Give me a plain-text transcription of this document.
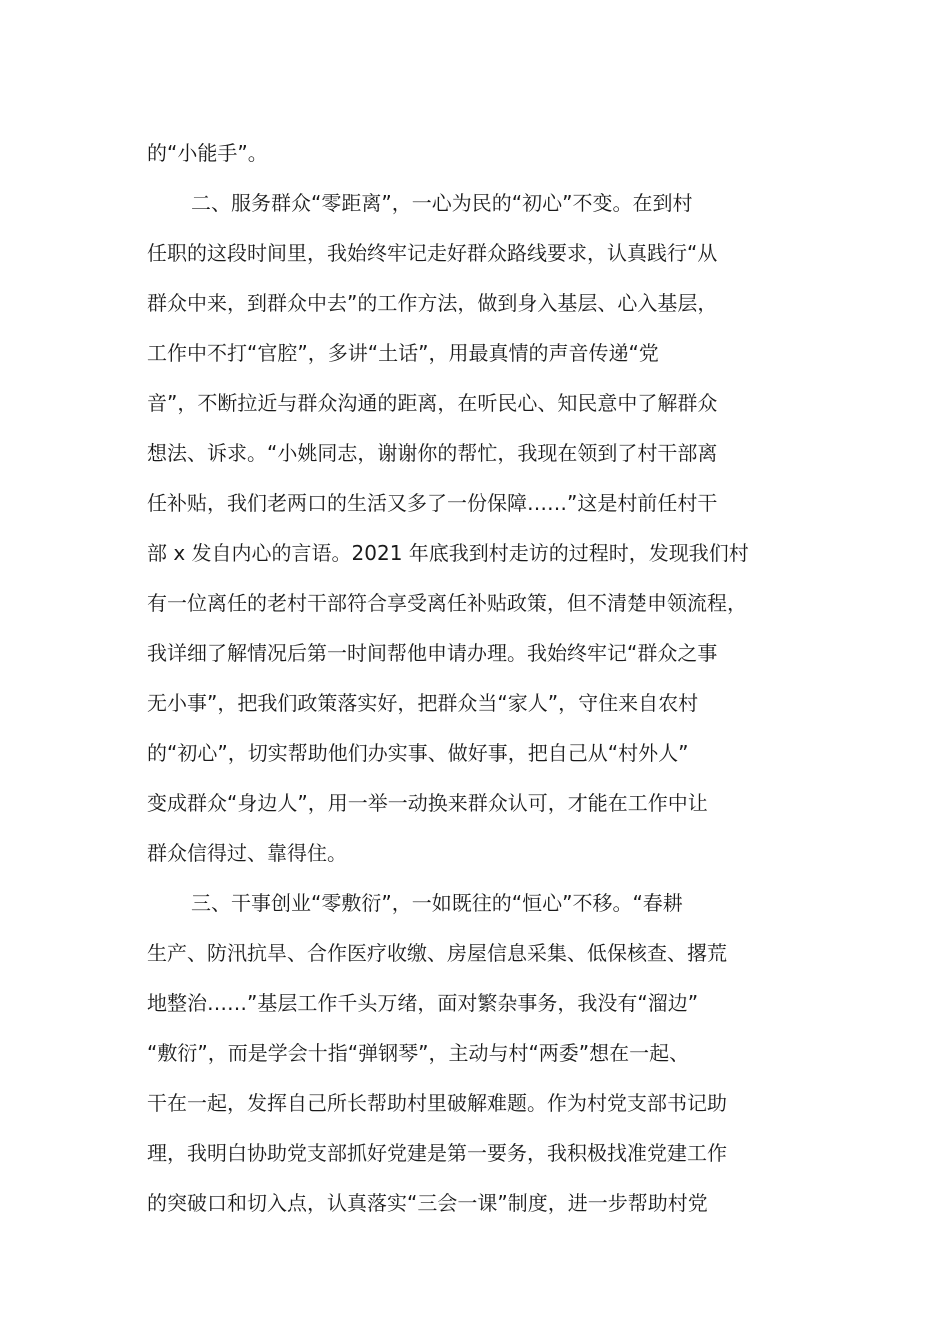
的“小能手”。
二、服务群众“零距离”，一心为民的“初心”不变。在到村
任职的这段时间里，我始终牢记走好群众路线要求，认真践行“从
群众中来，到群众中去”的工作方法，做到身入基层、心入基层，
工作中不打“官腔”，多讲“土话”，用最真情的声音传递“党
音”，不断拉近与群众沟通的距离，在听民心、知民意中了解群众
想法、诉求。“小姚同志，谢谢你的帮忙，我现在领到了村干部离
任补贴，我们老两口的生活又多了一份保障……”这是村前任村干
部 x 发自内心的言语。2021 年底我到村走访的过程时，发现我们村
有一位离任的老村干部符合享受离任补贴政策，但不清楚申领流程，
我详细了解情况后第一时间帮他申请办理。我始终牢记“群众之事
无小事”，把我们政策落实好，把群众当“家人”，守住来自农村
的“初心”，切实帮助他们办实事、做好事，把自己从“村外人”
变成群众“身边人”，用一举一动换来群众认可，才能在工作中让
群众信得过、靠得住。
三、干事创业“零敷衍”，一如既往的“恒心”不移。“春耕
生产、防汛抗旱、合作医疗收缴、房屋信息采集、低保核查、撂荒
地整治……”基层工作千头万绪，面对繁杂事务，我没有“溜边”
“敷衍”，而是学会十指“弹钢琴”，主动与村“两委”想在一起、
干在一起，发挥自己所长帮助村里破解难题。作为村党支部书记助
理，我明白协助党支部抓好党建是第一要务，我积极找准党建工作
的突破口和切入点，认真落实“三会一课”制度，进一步帮助村党
